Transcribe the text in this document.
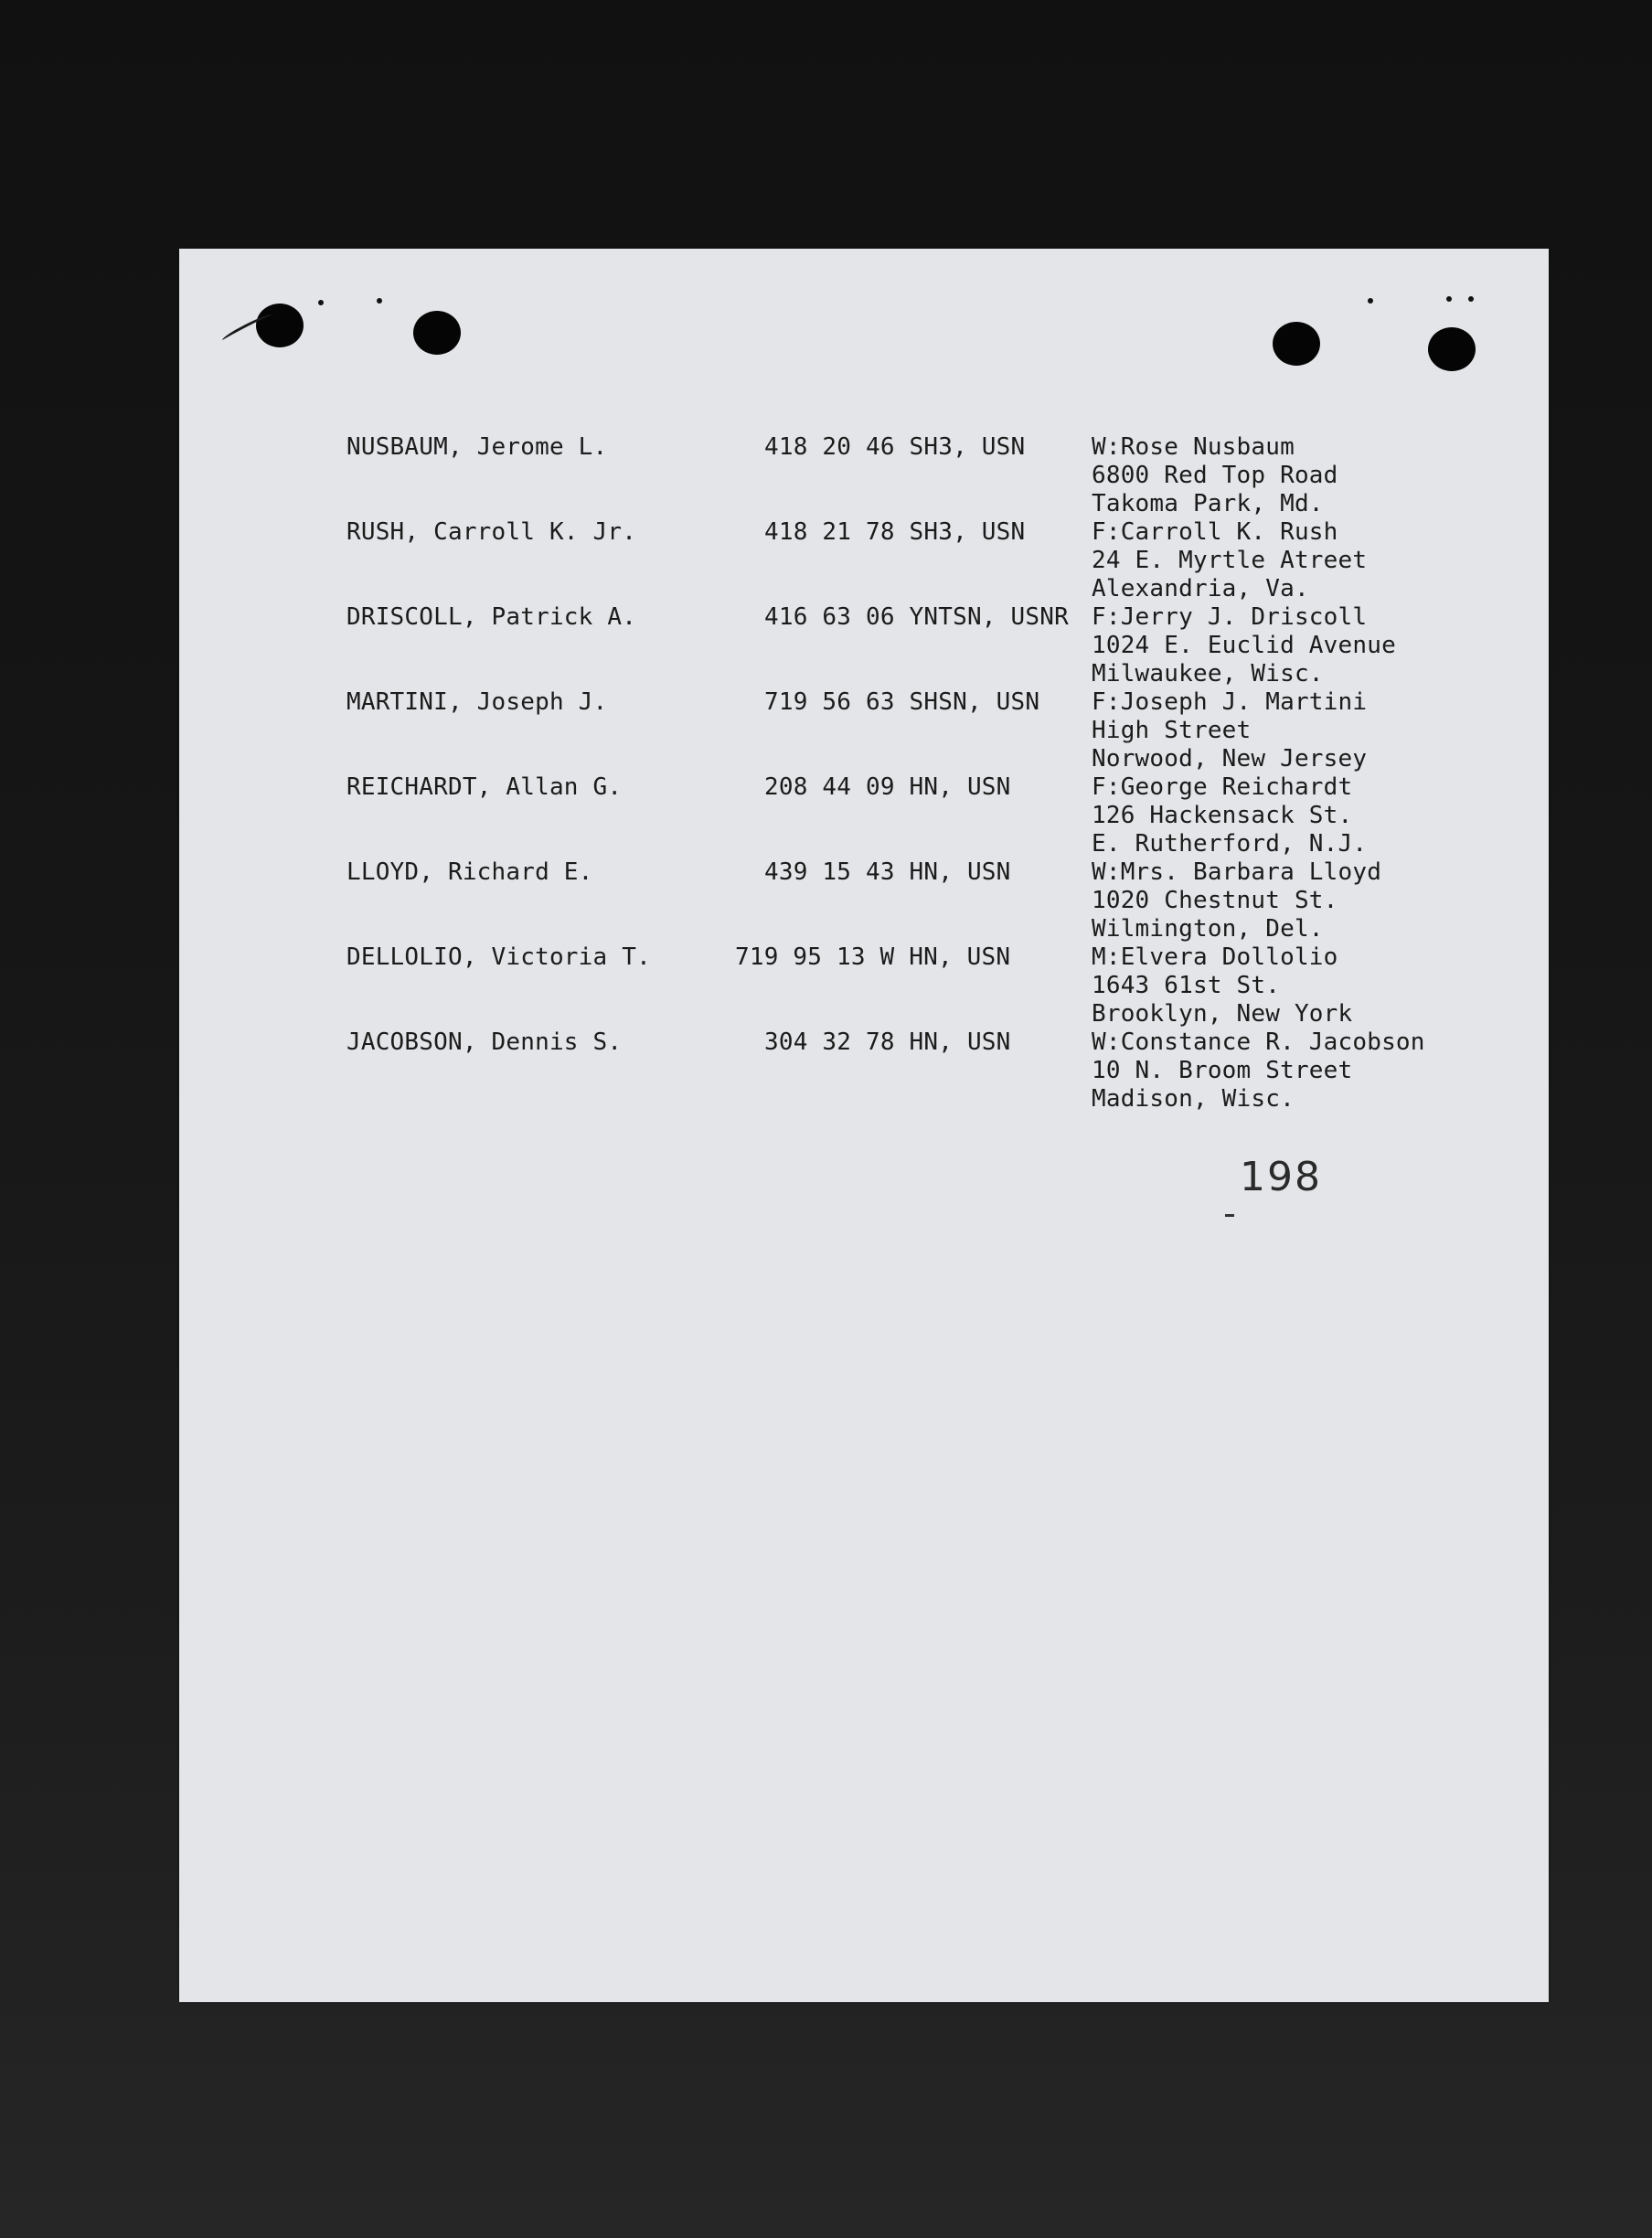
NUSBAUM, Jerome L.	418 20 46 SH3, USN	W:Rose Nusbaum
6800 Red Top Road
Takoma Park, Md.
RUSH, Carroll K. Jr.	418 21 78 SH3, USN	F:Carroll K. Rush
24 E. Myrtle Atreet
Alexandria, Va.
DRISCOLL, Patrick A.	416 63 06 YNTSN, USNR F:Jerry J. Driscoll
1024 E. Euclid Avenue
Milwaukee, Wisc.
MARTINI, Joseph J.	719 56 63 SHSN, USN F:Joseph J. Martini
High Street
Norwood, New Jersey
REICHARDT, Allan G.	208 44 09 HN, USN	F:George Reichardt
126 Hackensack St.
E. Rutherford, N.J.
LLOYD, Richard E.	439 15 43 HN, USN	W:Mrs. Barbara Lloyd
1020 Chestnut St.
Wilmington, Del.
DELLOLIO, Victoria T.	719 95 13 W HN, USN	M:Elvera Dollolio
1643 61st St.
Brooklyn, New York
JACOBSON, Dennis S.	304 32 78 HN, USN	W:Constance R. Jacobson
10 N. Broom Street
Madison, Wisc.
198
